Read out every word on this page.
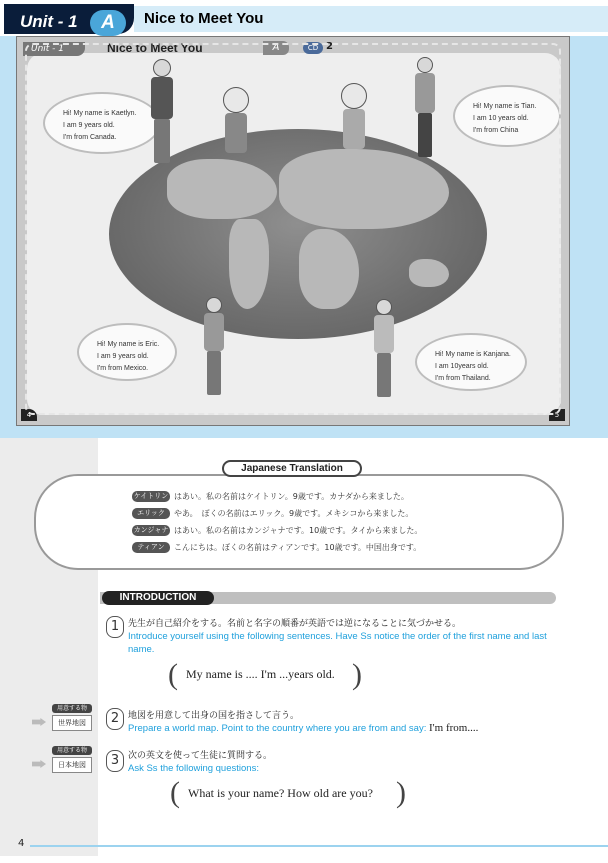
Unit - 1	A	Nice to Meet You
Unit - 1	Nice to Meet You	A	CD 2
Hi! My name is Kaetlyn.
I am 9 years old.
I'm from Canada.
Hi! My name is Tian.
I am 10 years old.
I'm from China
Hi! My name is Eric.
I am 9 years old.
I'm from Mexico.
Hi! My name is Kanjana.
I am 10years old.
I'm from Thailand.
4	5
Japanese Translation
ケイトリン はあい。私の名前はケイトリン。9歳です。カナダから来ました。
エリック	やあ。　ぼくの名前はエリック。9歳です。メキシコから来ました。
カンジャナ はあい。私の名前はカンジャナです。10歳です。タイから来ました。
ティアン	こんにちは。ぼくの名前はティアンです。10歳です。中国出身です。
INTRODUCTION
1 先生が自己紹介をする。名前と名字の順番が英語では逆になることに気づかせる。
Introduce yourself using the following sentences. Have Ss notice the order of the first name and last name.
( My name is .... I'm ...years old. )
用意する物
世界地図
用意する物
日本地図
2 地図を用意して出身の国を指さして言う。
Prepare a world map. Point to the country where you are from and say: I'm from....
3 次の英文を使って生徒に質問する。
Ask Ss the following questions:
( What is your name? How old are you? )
4
